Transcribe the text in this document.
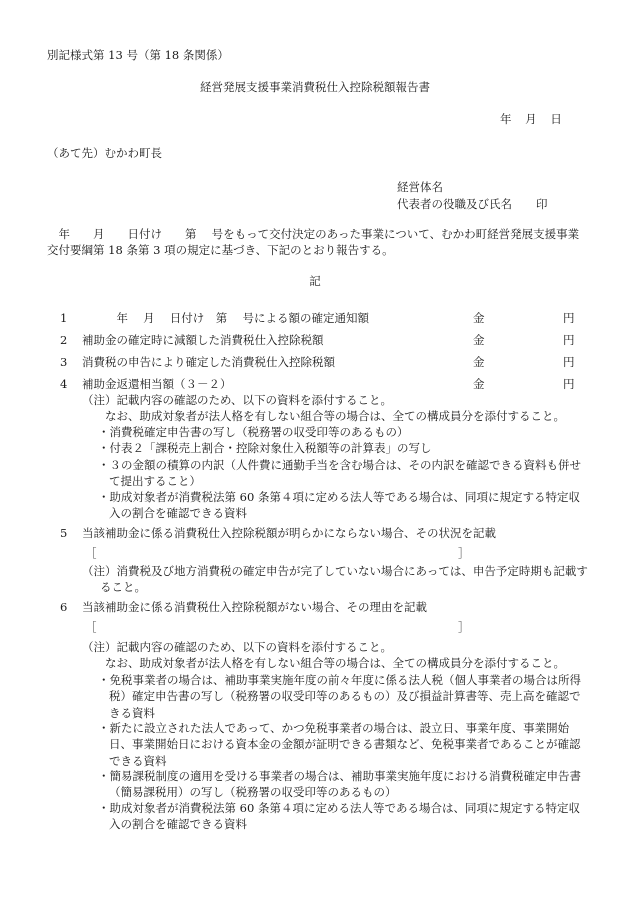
別記様式第 13 号（第 18 条関係）
経営発展支援事業消費税仕入控除税額報告書
年 月 日
（あて先）むかわ町長
経営体名
代表者の役職及び氏名 印
　年　　月　　日付け　　第　 号をもって交付決定のあった事業について、むかわ町経営発展支援事業交付要綱第 18 条第 3 項の規定に基づき、下記のとおり報告する。
記
1　　　年　 月　 日付け　第　 号による額の確定通知額	金	円
2 補助金の確定時に減額した消費税仕入控除税額	金	円
3 消費税の申告により確定した消費税仕入控除税額	金	円
4 補助金返還相当額（３－２）	金	円
（注）記載内容の確認のため、以下の資料を添付すること。
　　なお、助成対象者が法人格を有しない組合等の場合は、全ての構成員分を添付すること。
・消費税確定申告書の写し（税務署の収受印等のあるもの）
・付表２「課税売上割合・控除対象仕入税額等の計算表」の写し
・３の金額の積算の内訳（人件費に通勤手当を含む場合は、その内訳を確認できる資料も併せて提出すること）
・助成対象者が消費税法第 60 条第４項に定める法人等である場合は、同項に規定する特定収入の割合を確認できる資料
5 当該補助金に係る消費税仕入控除税額が明らかにならない場合、その状況を記載
［	］
（注）消費税及び地方消費税の確定申告が完了していない場合にあっては、申告予定時期も記載すること。
6 当該補助金に係る消費税仕入控除税額がない場合、その理由を記載
［	］
（注）記載内容の確認のため、以下の資料を添付すること。
　　なお、助成対象者が法人格を有しない組合等の場合は、全ての構成員分を添付すること。
・免税事業者の場合は、補助事業実施年度の前々年度に係る法人税（個人事業者の場合は所得税）確定申告書の写し（税務署の収受印等のあるもの）及び損益計算書等、売上高を確認できる資料
・新たに設立された法人であって、かつ免税事業者の場合は、設立日、事業年度、事業開始日、事業開始日における資本金の金額が証明できる書類など、免税事業者であることが確認できる資料
・簡易課税制度の適用を受ける事業者の場合は、補助事業実施年度における消費税確定申告書（簡易課税用）の写し（税務署の収受印等のあるもの）
・助成対象者が消費税法第 60 条第４項に定める法人等である場合は、同項に規定する特定収入の割合を確認できる資料
